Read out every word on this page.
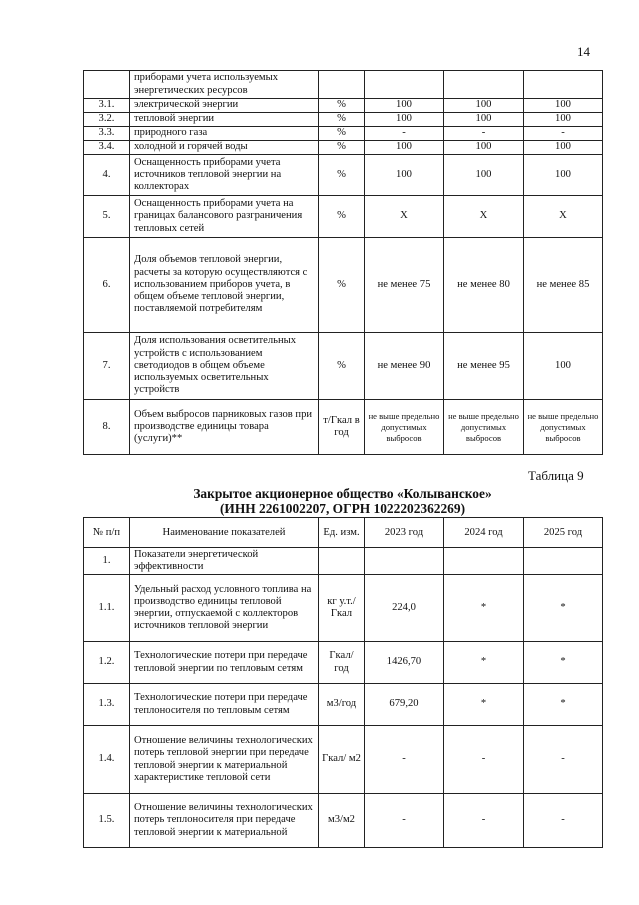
14
	приборами учета используемых энергетических ресурсов				
3.1.	электрической энергии	%	100	100	100
3.2.	тепловой энергии	%	100	100	100
3.3.	природного газа	%	-	-	-
3.4.	холодной и горячей воды	%	100	100	100
4.	Оснащенность приборами учета источников тепловой энергии на коллекторах	%	100	100	100
5.	Оснащенность приборами учета на границах балансового разграничения тепловых сетей	%	X	X	X
6.	Доля объемов тепловой энергии, расчеты за которую осуществляются с использованием приборов учета, в общем объеме тепловой энергии, поставляемой потребителям	%	не менее 75	не менее 80	не менее 85
7.	Доля использования осветительных устройств с использованием светодиодов в общем объеме используемых осветительных устройств	%	не менее 90	не менее 95	100
8.	Объем выбросов парниковых газов при производстве единицы товара (услуги)**	т/Гкал в год	не выше предельно допустимых выбросов	не выше предельно допустимых выбросов	не выше предельно допустимых выбросов
Таблица 9
Закрытое акционерное общество «Колыванское»
(ИНН 2261002207, ОГРН 1022202362269)
№ п/п	Наименование показателей	Ед. изм.	2023 год	2024 год	2025 год
1.	Показатели энергетической эффективности				
1.1.	Удельный расход условного топлива на производство единицы тепловой энергии, отпускаемой с коллекторов источников тепловой энергии	кг у.т./ Гкал	224,0	*	*
1.2.	Технологические потери при передаче тепловой энергии по тепловым сетям	Гкал/ год	1426,70	*	*
1.3.	Технологические потери при передаче теплоносителя по тепловым сетям	м3/год	679,20	*	*
1.4.	Отношение величины технологических потерь тепловой энергии при передаче тепловой энергии к материальной характеристике тепловой сети	Гкал/ м2	-	-	-
1.5.	Отношение величины технологических потерь теплоносителя при передаче тепловой энергии к материальной	м3/м2	-	-	-
